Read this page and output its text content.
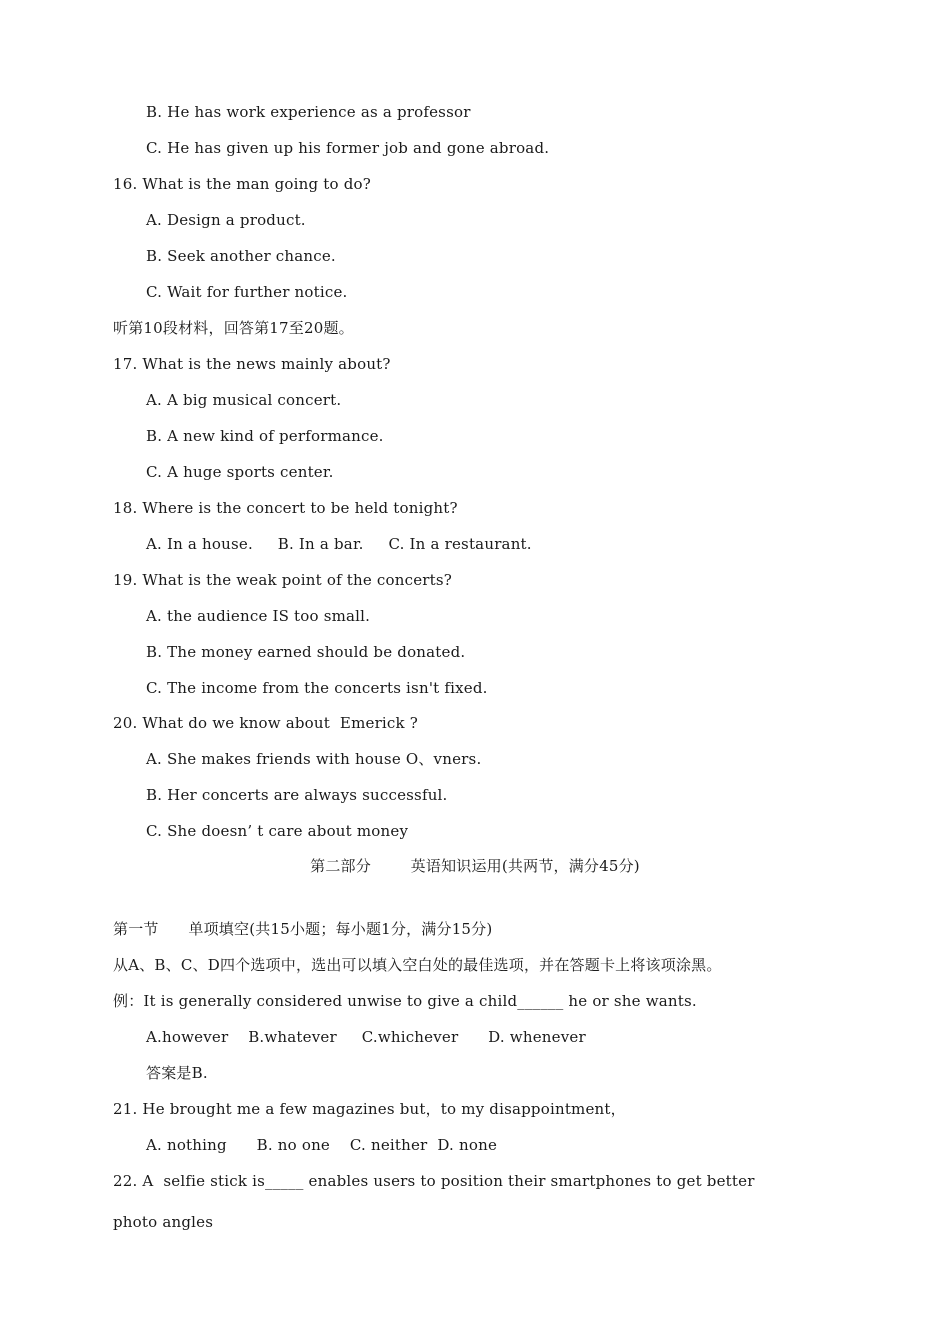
B. He has work experience as a professor
C. He has given up his former job and gone abroad.
16. What is the man going to do?
A. Design a product.
B. Seek another chance.
C. Wait for further notice.
听第10段材料，回答第17至20题。
17. What is the news mainly about?
A. A big musical concert.
B. A new kind of performance.
C. A huge sports center.
18. Where is the concert to be held tonight?
A. In a house.     B. In a bar.     C. In a restaurant.
19. What is the weak point of the concerts?
A. the audience IS too small.
B. The money earned should be donated.
C. The income from the concerts isn't fixed.
20. What do we know about  Emerick ?
A. She makes friends with house O、vners.
B. Her concerts are always successful.
C. She doesn’ t care about money
第二部分        英语知识运用(共两节，满分45分)
第一节      单项填空(共15小题；每小题1分，满分15分)
从A、B、C、D四个选项中，选出可以填入空白处的最佳选项，并在答题卡上将该项涂黑。
例：It is generally considered unwise to give a child______ he or she wants.
A.however    B.whatever     C.whichever      D. whenever
答案是B.
21. He brought me a few magazines but，to my disappointment，
A. nothing      B. no one    C. neither  D. none
22. A  selfie stick is_____ enables users to position their smartphones to get better
photo angles
